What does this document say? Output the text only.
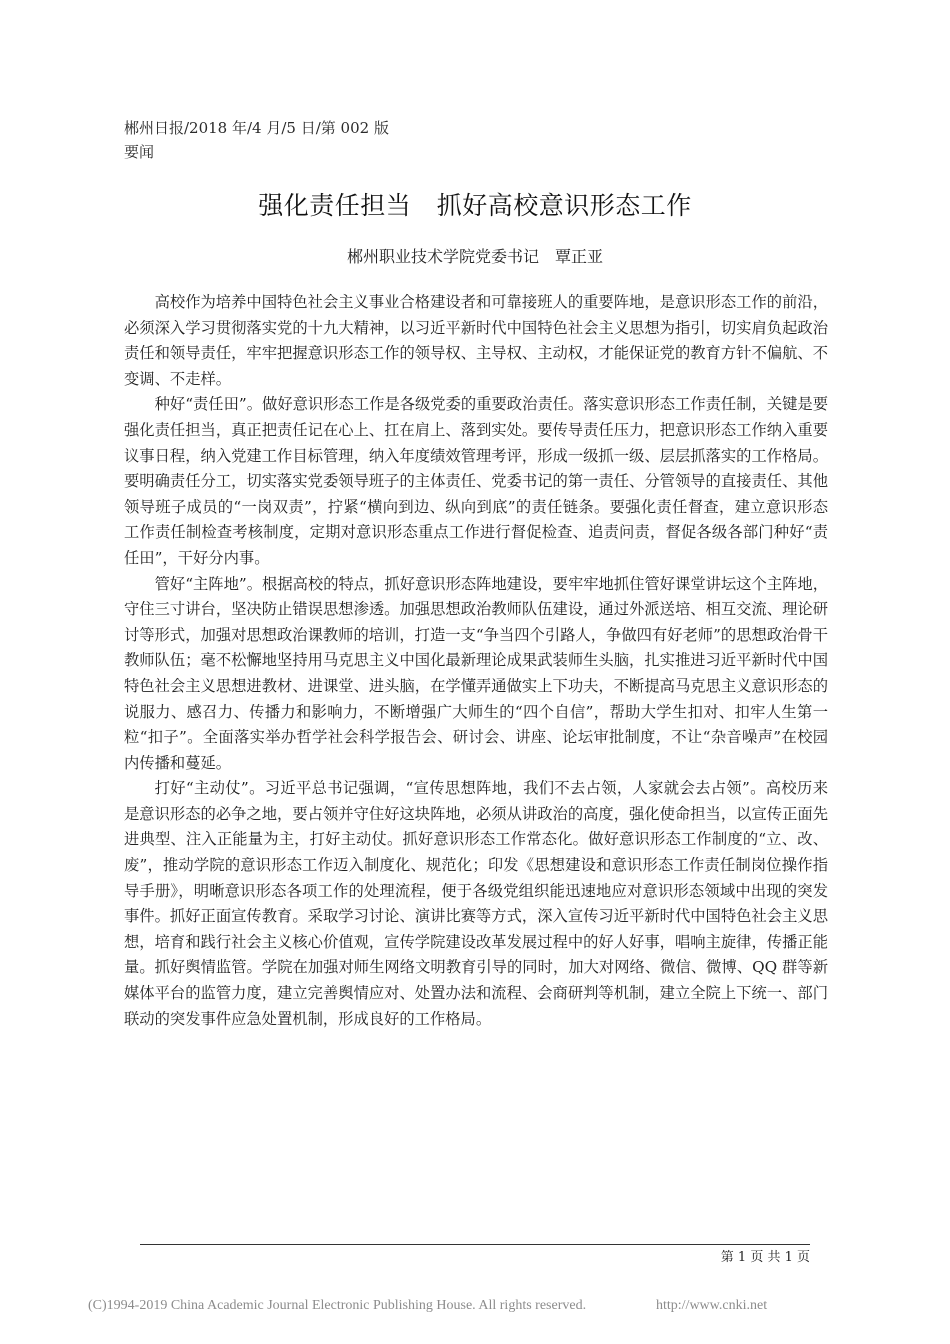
郴州日报/2018 年/4 月/5 日/第 002 版
要闻
强化责任担当　抓好高校意识形态工作
郴州职业技术学院党委书记　覃正亚

高校作为培养中国特色社会主义事业合格建设者和可靠接班人的重要阵地，是意识形态工作的前沿，必须深入学习贯彻落实党的十九大精神，以习近平新时代中国特色社会主义思想为指引，切实肩负起政治责任和领导责任，牢牢把握意识形态工作的领导权、主导权、主动权，才能保证党的教育方针不偏航、不变调、不走样。

种好“责任田”。做好意识形态工作是各级党委的重要政治责任。落实意识形态工作责任制，关键是要强化责任担当，真正把责任记在心上、扛在肩上、落到实处。要传导责任压力，把意识形态工作纳入重要议事日程，纳入党建工作目标管理，纳入年度绩效管理考评，形成一级抓一级、层层抓落实的工作格局。要明确责任分工，切实落实党委领导班子的主体责任、党委书记的第一责任、分管领导的直接责任、其他领导班子成员的“一岗双责”，拧紧“横向到边、纵向到底”的责任链条。要强化责任督查，建立意识形态工作责任制检查考核制度，定期对意识形态重点工作进行督促检查、追责问责，督促各级各部门种好“责任田”，干好分内事。

管好“主阵地”。根据高校的特点，抓好意识形态阵地建设，要牢牢地抓住管好课堂讲坛这个主阵地，守住三寸讲台，坚决防止错误思想渗透。加强思想政治教师队伍建设，通过外派送培、相互交流、理论研讨等形式，加强对思想政治课教师的培训，打造一支“争当四个引路人，争做四有好老师”的思想政治骨干教师队伍；毫不松懈地坚持用马克思主义中国化最新理论成果武装师生头脑，扎实推进习近平新时代中国特色社会主义思想进教材、进课堂、进头脑，在学懂弄通做实上下功夫，不断提高马克思主义意识形态的说服力、感召力、传播力和影响力，不断增强广大师生的“四个自信”，帮助大学生扣对、扣牢人生第一粒“扣子”。全面落实举办哲学社会科学报告会、研讨会、讲座、论坛审批制度，不让“杂音噪声”在校园内传播和蔓延。

打好“主动仗”。习近平总书记强调，“宣传思想阵地，我们不去占领，人家就会去占领”。高校历来是意识形态的必争之地，要占领并守住好这块阵地，必须从讲政治的高度，强化使命担当，以宣传正面先进典型、注入正能量为主，打好主动仗。抓好意识形态工作常态化。做好意识形态工作制度的“立、改、废”，推动学院的意识形态工作迈入制度化、规范化；印发《思想建设和意识形态工作责任制岗位操作指导手册》，明晰意识形态各项工作的处理流程，便于各级党组织能迅速地应对意识形态领域中出现的突发事件。抓好正面宣传教育。采取学习讨论、演讲比赛等方式，深入宣传习近平新时代中国特色社会主义思想，培育和践行社会主义核心价值观，宣传学院建设改革发展过程中的好人好事，唱响主旋律，传播正能量。抓好舆情监管。学院在加强对师生网络文明教育引导的同时，加大对网络、微信、微博、QQ 群等新媒体平台的监管力度，建立完善舆情应对、处置办法和流程、会商研判等机制，建立全院上下统一、部门联动的突发事件应急处置机制，形成良好的工作格局。

第 1 页 共 1 页
(C)1994-2019 China Academic Journal Electronic Publishing House. All rights reserved.	http://www.cnki.net
